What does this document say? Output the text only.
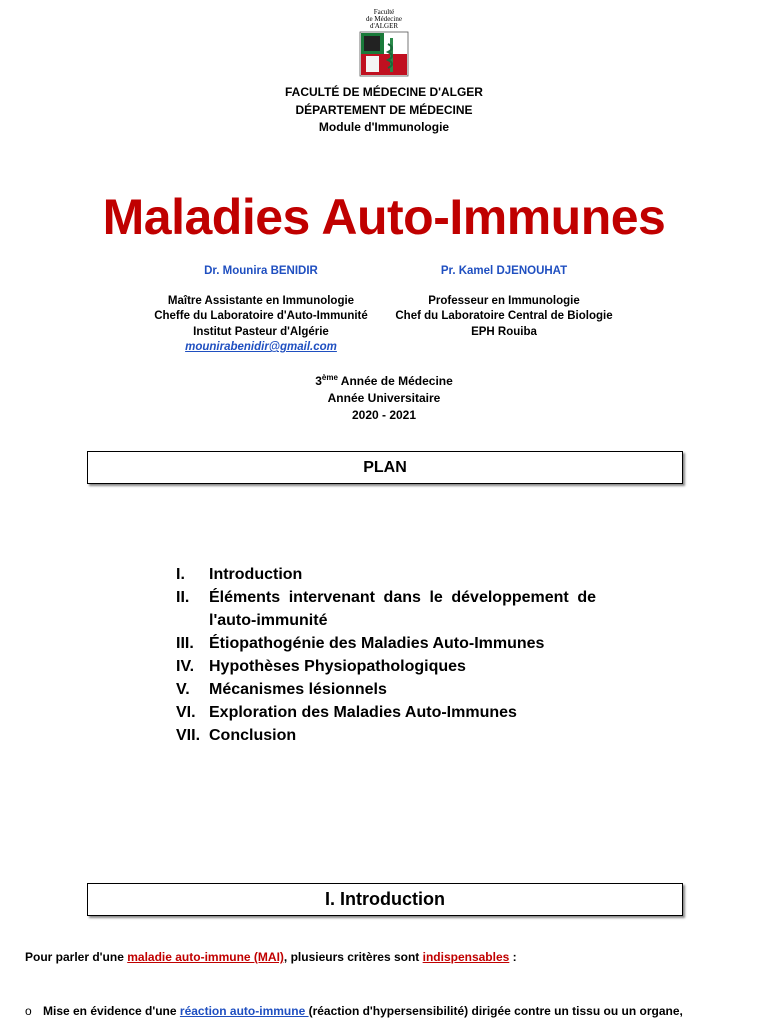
Faculté
de Médecine
d'ALGER
FACULTÉ DE MÉDECINE D'ALGER
DÉPARTEMENT DE MÉDECINE
Module d'Immunologie
Maladies Auto-Immunes
Dr. Mounira BENIDIR
Maître Assistante en Immunologie
Cheffe du Laboratoire d'Auto-Immunité
Institut Pasteur d'Algérie
mounirabenidir@gmail.com
Pr. Kamel DJENOUHAT
Professeur en Immunologie
Chef du Laboratoire Central de Biologie
EPH Rouiba
3ème Année de Médecine
Année Universitaire
2020 - 2021
PLAN
I.	Introduction
II.	Éléments intervenant dans le développement de l'auto-immunité
III. Étiopathogénie des Maladies Auto-Immunes
IV. Hypothèses Physiopathologiques
V.	Mécanismes lésionnels
VI. Exploration des Maladies Auto-Immunes
VII. Conclusion
I. Introduction
Pour parler d'une maladie auto-immune (MAI), plusieurs critères sont indispensables :
o Mise en évidence d'une réaction auto-immune (réaction d'hypersensibilité) dirigée contre un tissu ou un organe,
